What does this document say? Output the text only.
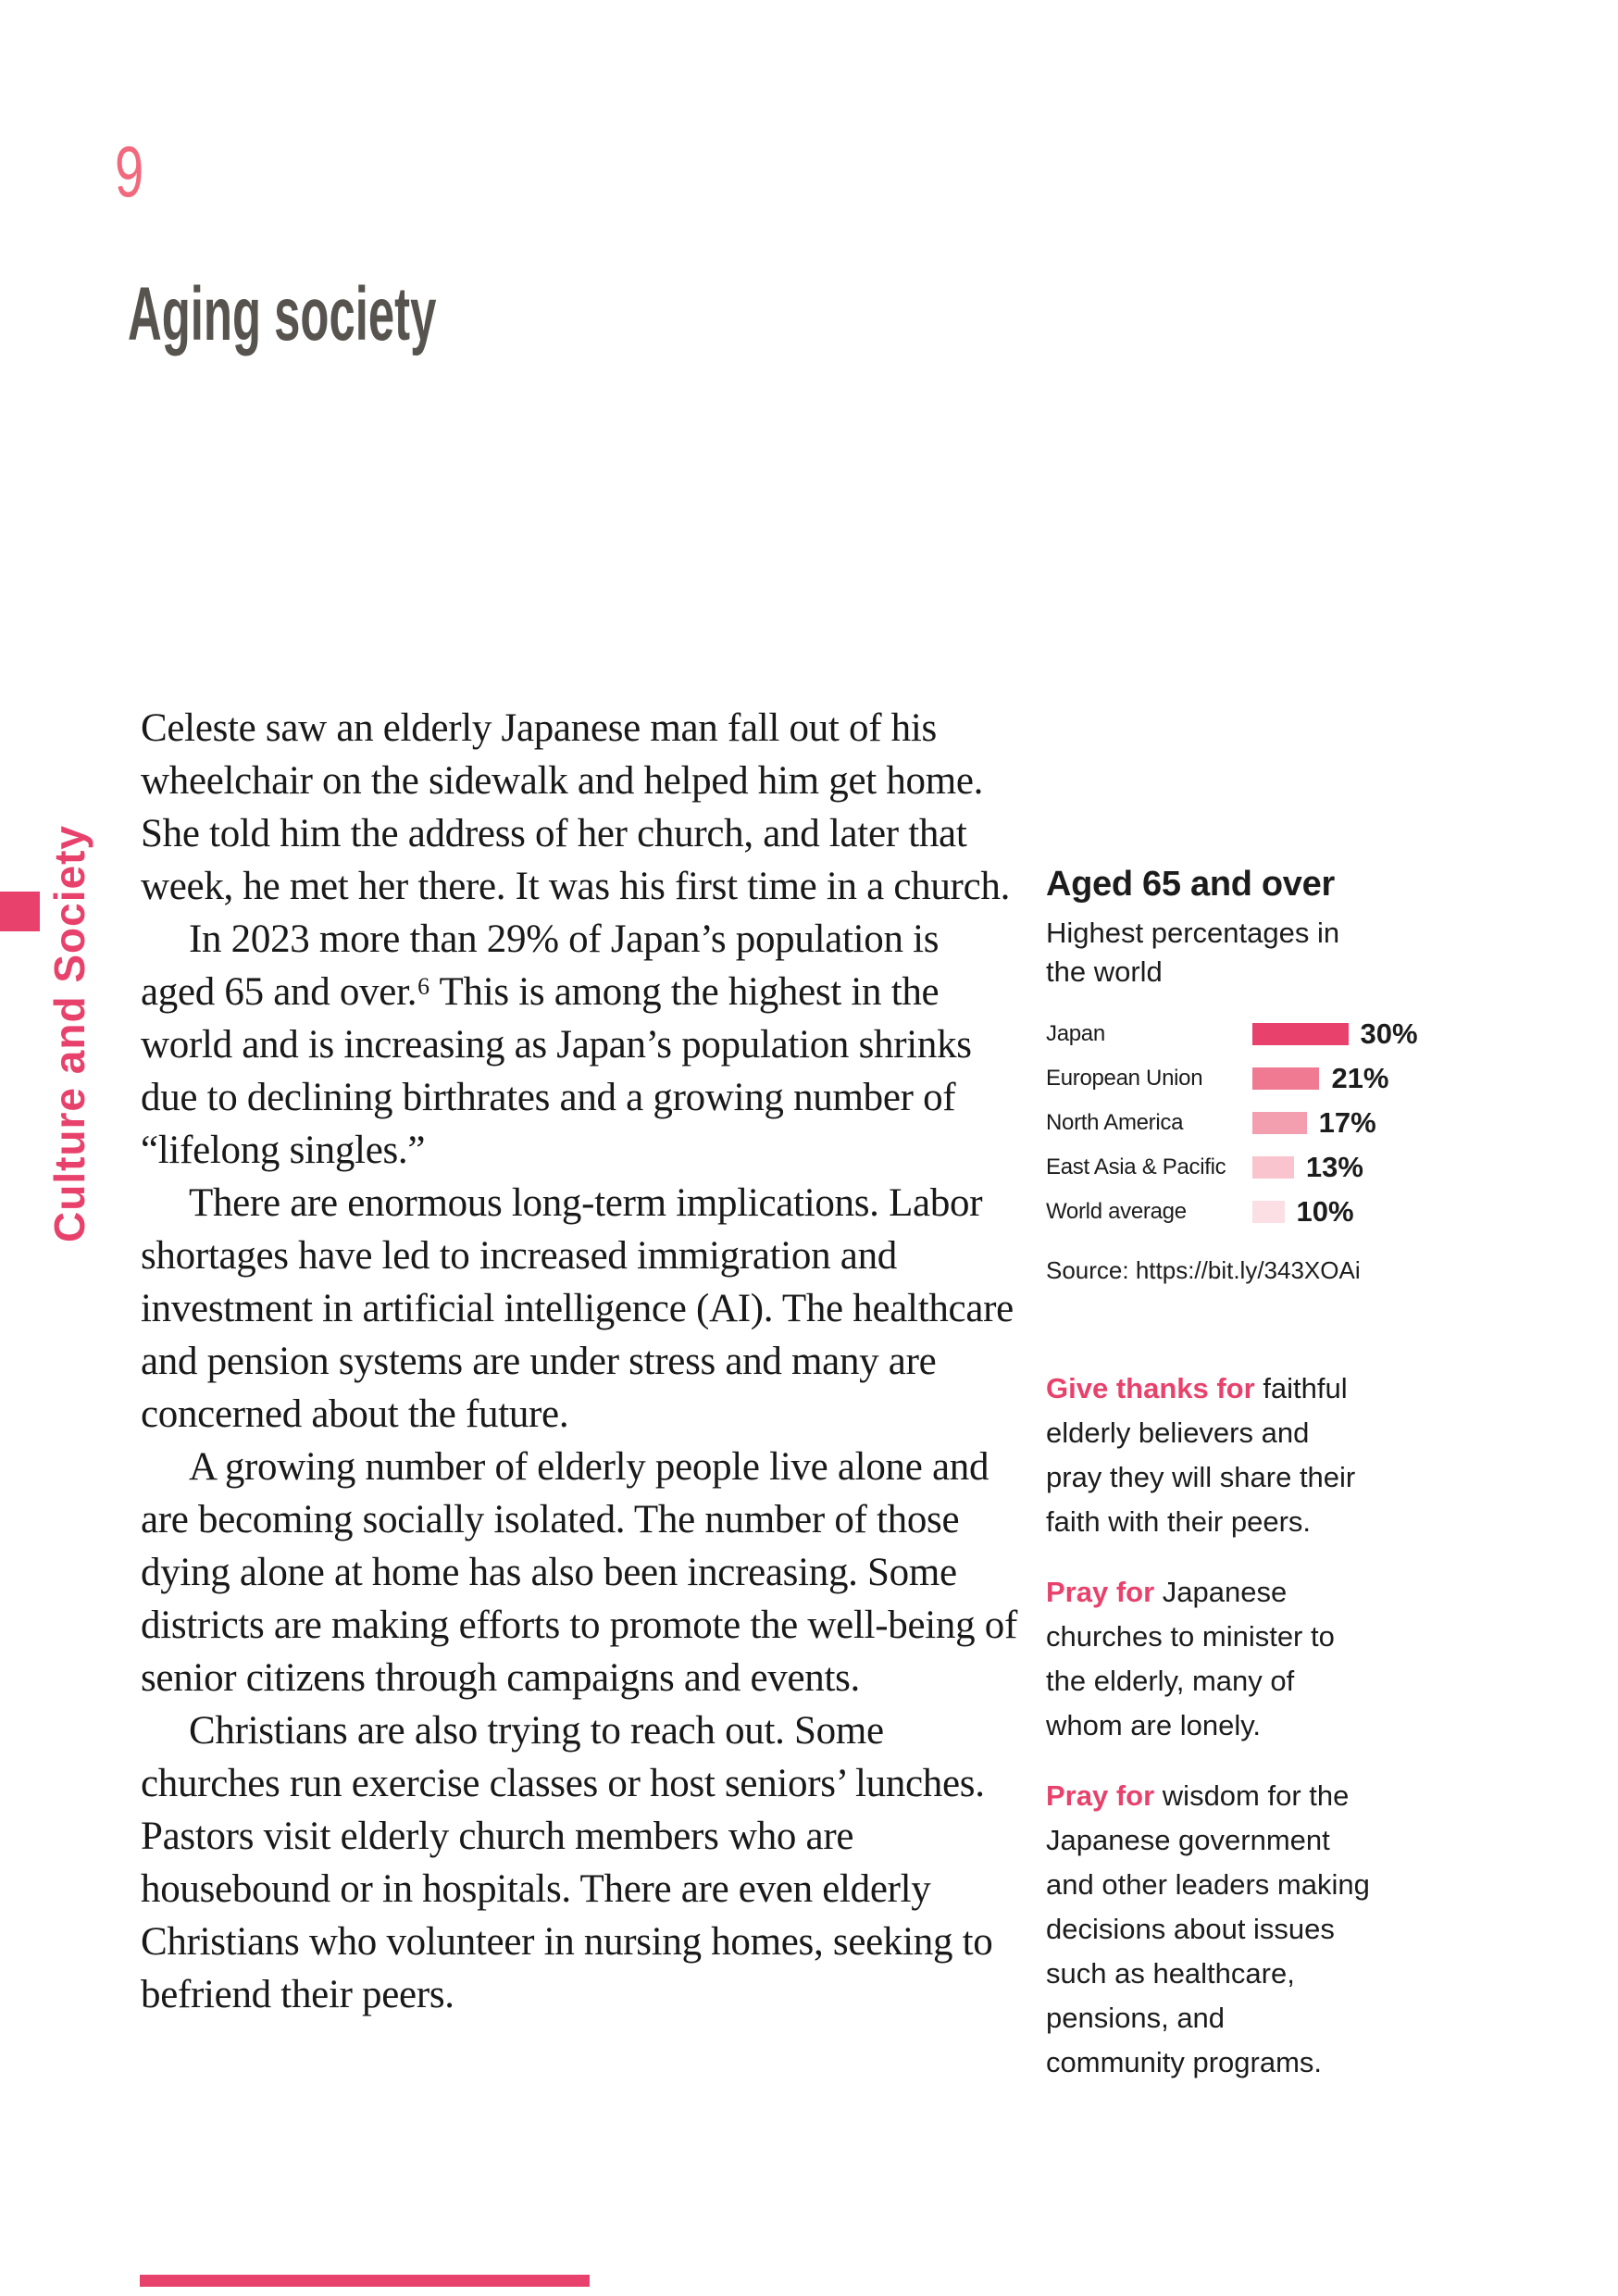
9
Aging society
Culture and Society

Celeste saw an elderly Japanese man fall out of his wheelchair on the sidewalk and helped him get home. She told him the address of her church, and later that week, he met her there. It was his first time in a church.

In 2023 more than 29% of Japan’s population is aged 65 and over.⁶ This is among the highest in the world and is increasing as Japan’s population shrinks due to declining birthrates and a growing number of “lifelong singles.”

There are enormous long-term implications. Labor shortages have led to increased immigration and investment in artificial intelligence (AI). The healthcare and pension systems are under stress and many are concerned about the future.

A growing number of elderly people live alone and are becoming socially isolated. The number of those dying alone at home has also been increasing. Some districts are making efforts to promote the well-being of senior citizens through campaigns and events.

Christians are also trying to reach out. Some churches run exercise classes or host seniors’ lunches. Pastors visit elderly church members who are housebound or in hospitals. There are even elderly Christians who volunteer in nursing homes, seeking to befriend their peers.

Aged 65 and over
Highest percentages in the world
Japan	30%
European Union	21%
North America	17%
East Asia & Pacific	13%
World average	10%
Source: https://bit.ly/343XOAi
Give thanks for faithful elderly believers and pray they will share their faith with their peers.
Pray for Japanese churches to minister to the elderly, many of whom are lonely.
Pray for wisdom for the Japanese government and other leaders making decisions about issues such as healthcare, pensions, and community programs.
